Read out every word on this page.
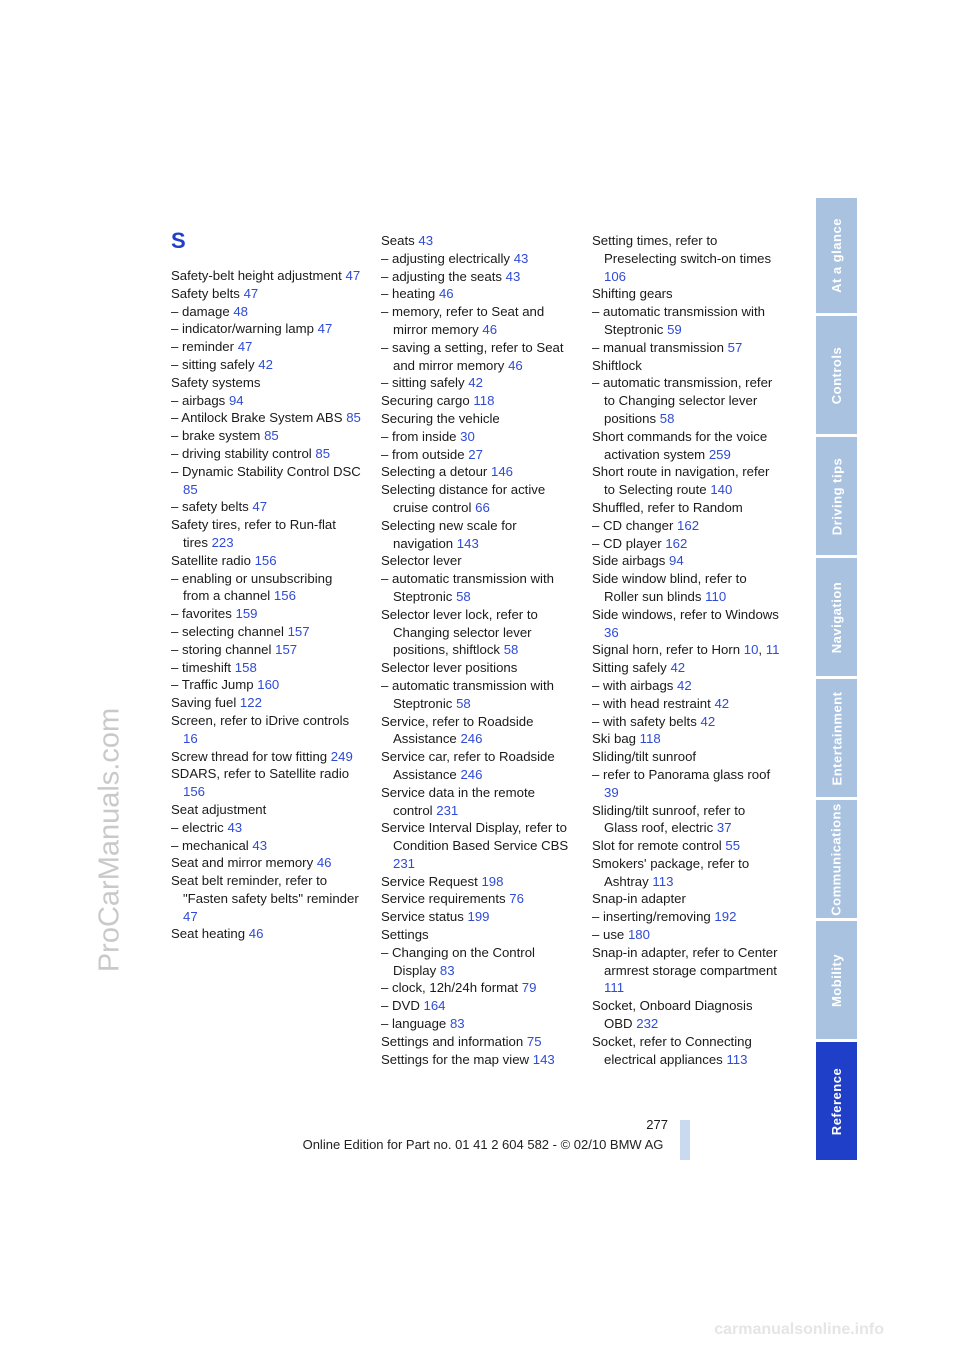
ProCarManuals.com
At a glance
Controls
Driving tips
Navigation
Entertainment
Communications
Mobility
Reference
S
Safety-belt height adjustment 47
Safety belts 47
– damage 48
– indicator/warning lamp 47
– reminder 47
– sitting safely 42
Safety systems
– airbags 94
– Antilock Brake System ABS 85
– brake system 85
– driving stability control 85
– Dynamic Stability Control DSC 85
– safety belts 47
Safety tires, refer to Run-flat tires 223
Satellite radio 156
– enabling or unsubscribing from a channel 156
– favorites 159
– selecting channel 157
– storing channel 157
– timeshift 158
– Traffic Jump 160
Saving fuel 122
Screen, refer to iDrive controls 16
Screw thread for tow fitting 249
SDARS, refer to Satellite radio 156
Seat adjustment
– electric 43
– mechanical 43
Seat and mirror memory 46
Seat belt reminder, refer to "Fasten safety belts" reminder 47
Seat heating 46
Seats 43
– adjusting electrically 43
– adjusting the seats 43
– heating 46
– memory, refer to Seat and mirror memory 46
– saving a setting, refer to Seat and mirror memory 46
– sitting safely 42
Securing cargo 118
Securing the vehicle
– from inside 30
– from outside 27
Selecting a detour 146
Selecting distance for active cruise control 66
Selecting new scale for navigation 143
Selector lever
– automatic transmission with Steptronic 58
Selector lever lock, refer to Changing selector lever positions, shiftlock 58
Selector lever positions
– automatic transmission with Steptronic 58
Service, refer to Roadside Assistance 246
Service car, refer to Roadside Assistance 246
Service data in the remote control 231
Service Interval Display, refer to Condition Based Service CBS 231
Service Request 198
Service requirements 76
Service status 199
Settings
– Changing on the Control Display 83
– clock, 12h/24h format 79
– DVD 164
– language 83
Settings and information 75
Settings for the map view 143
Setting times, refer to Preselecting switch-on times 106
Shifting gears
– automatic transmission with Steptronic 59
– manual transmission 57
Shiftlock
– automatic transmission, refer to Changing selector lever positions 58
Short commands for the voice activation system 259
Short route in navigation, refer to Selecting route 140
Shuffled, refer to Random
– CD changer 162
– CD player 162
Side airbags 94
Side window blind, refer to Roller sun blinds 110
Side windows, refer to Windows 36
Signal horn, refer to Horn 10, 11
Sitting safely 42
– with airbags 42
– with head restraint 42
– with safety belts 42
Ski bag 118
Sliding/tilt sunroof
– refer to Panorama glass roof 39
Sliding/tilt sunroof, refer to Glass roof, electric 37
Slot for remote control 55
Smokers' package, refer to Ashtray 113
Snap-in adapter
– inserting/removing 192
– use 180
Snap-in adapter, refer to Center armrest storage compartment 111
Socket, Onboard Diagnosis OBD 232
Socket, refer to Connecting electrical appliances 113
277
Online Edition for Part no. 01 41 2 604 582 - © 02/10 BMW AG
carmanualsonline.info
